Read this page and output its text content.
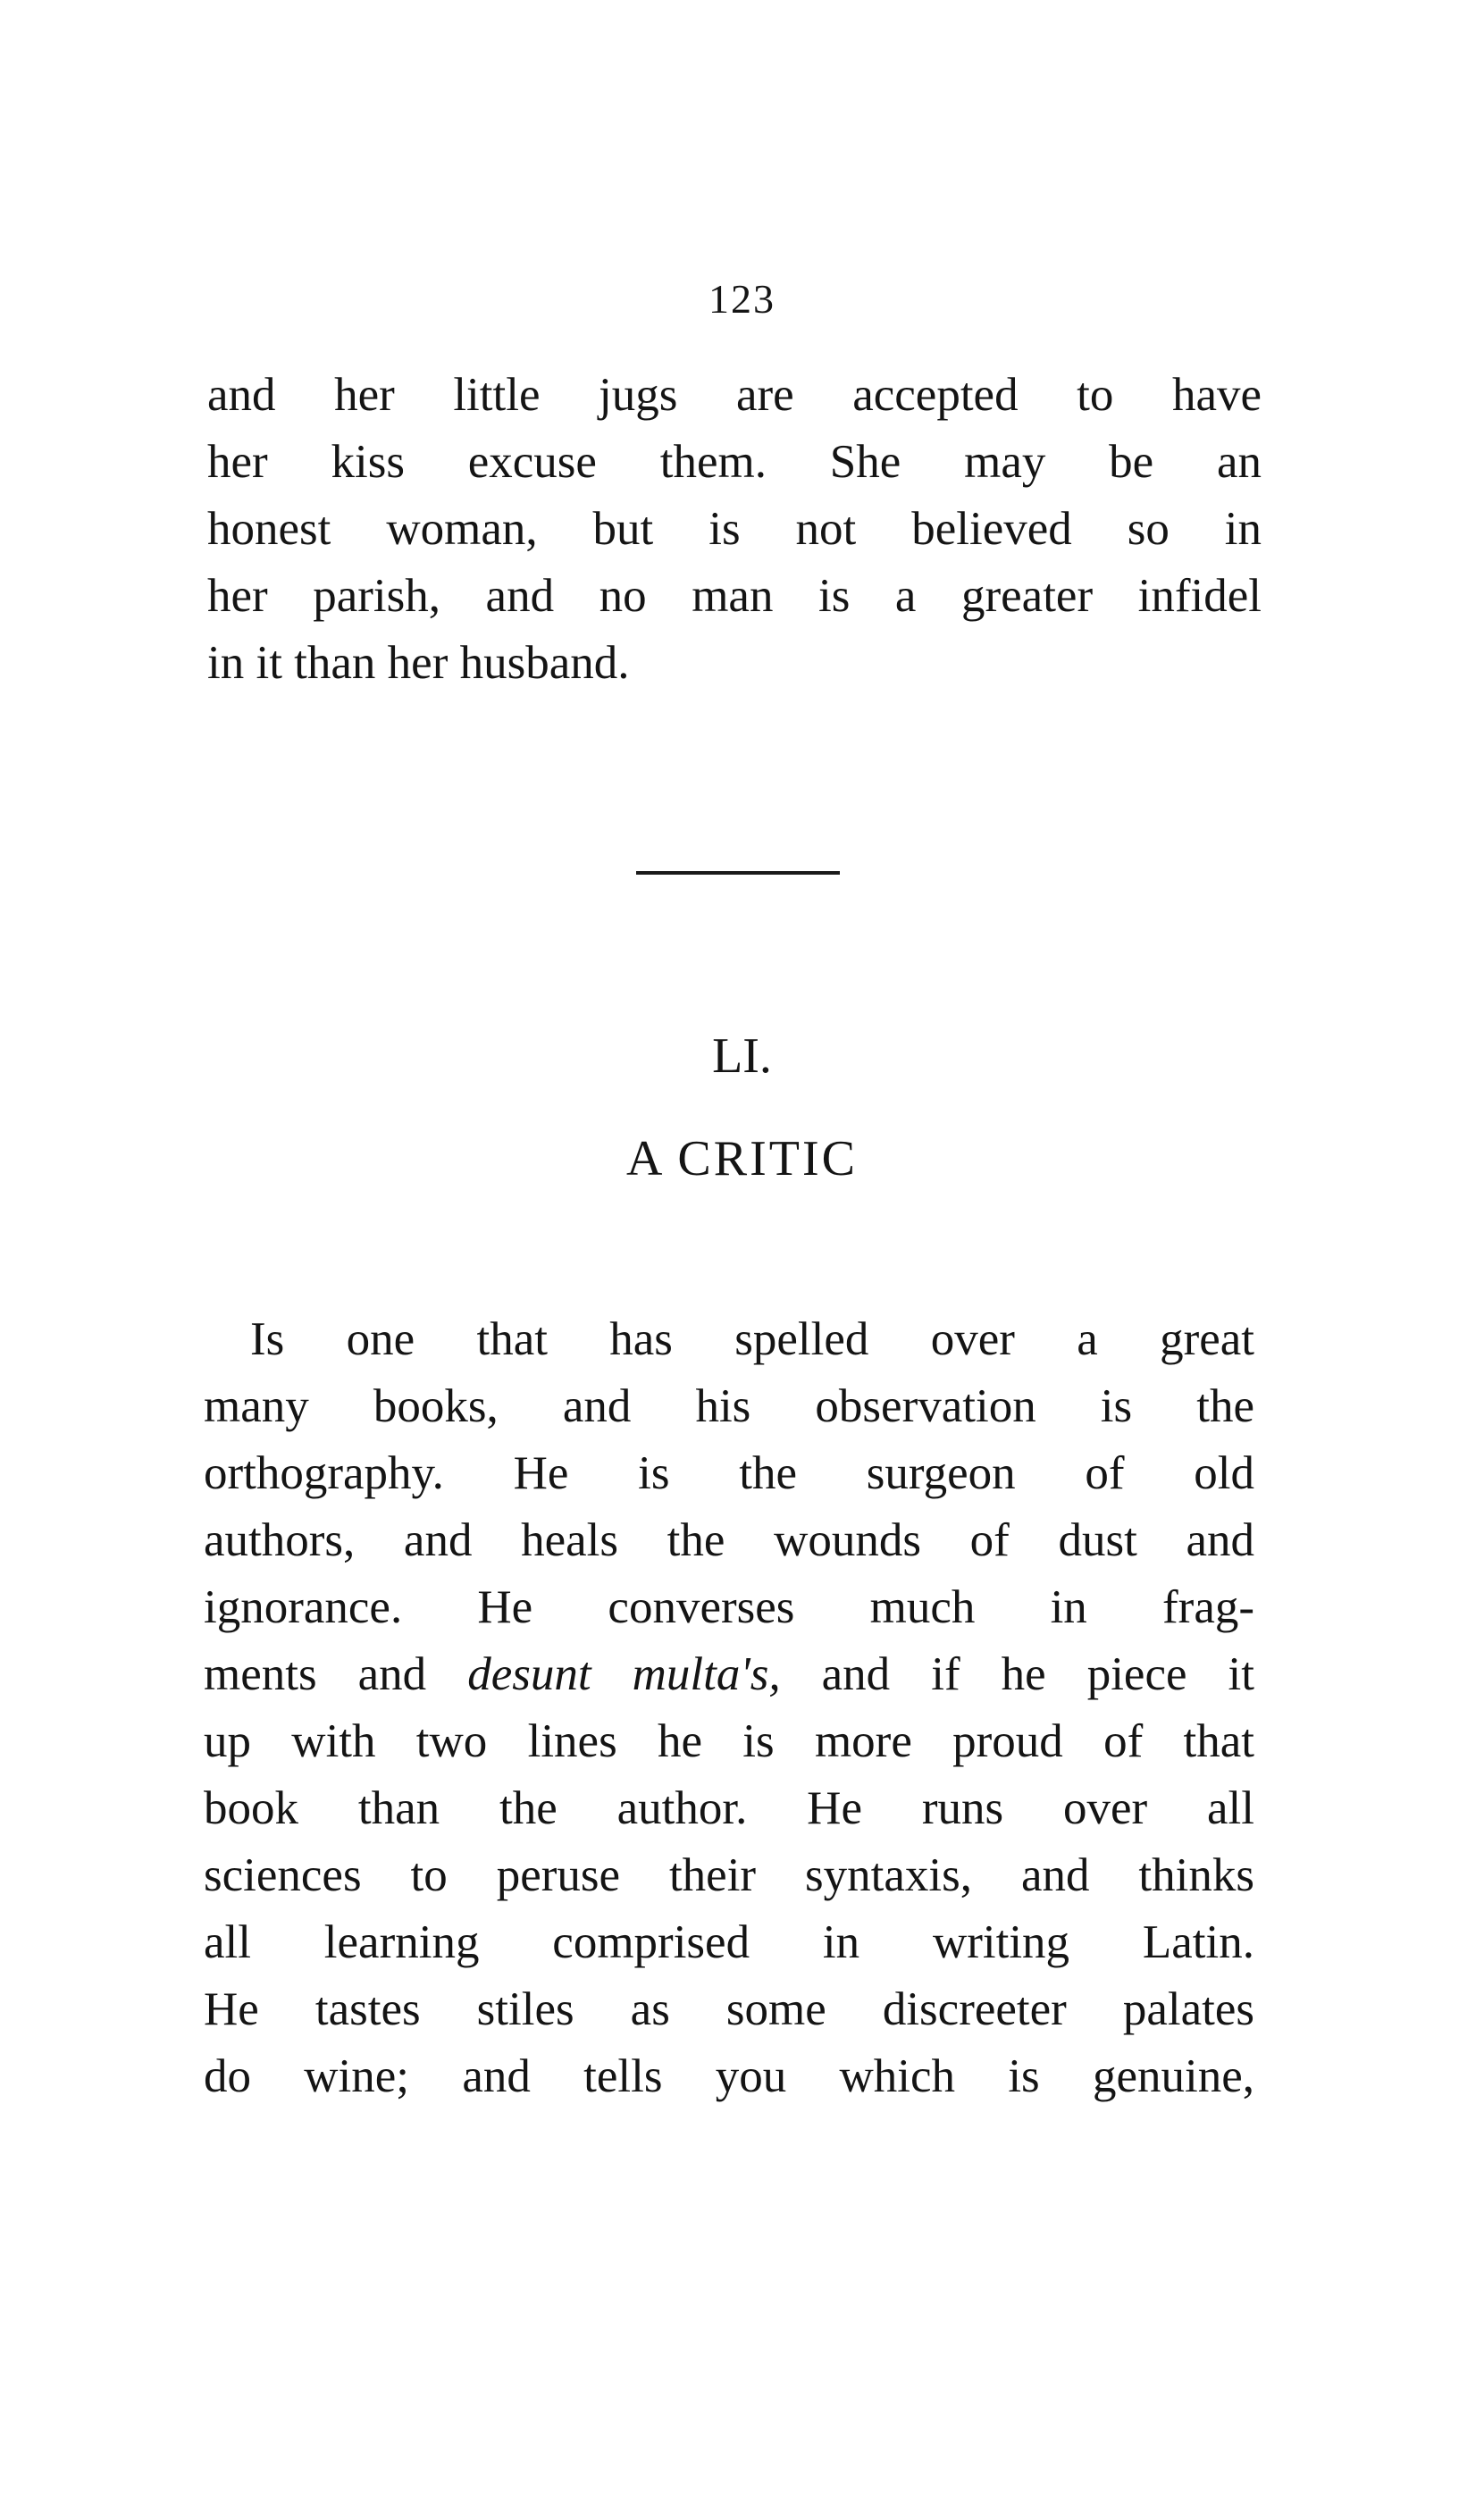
123
and her little jugs are accepted to have
her kiss excuse them. She may be an
honest woman, but is not believed so in
her parish, and no man is a greater infidel
in it than her husband.
LI.
A CRITIC
Is one that has spelled over a great
many books, and his observation is the
orthography. He is the surgeon of old
authors, and heals the wounds of dust and
ignorance. He converses much in frag-
ments and desunt multa's, and if he piece it
up with two lines he is more proud of that
book than the author. He runs over all
sciences to peruse their syntaxis, and thinks
all learning comprised in writing Latin.
He tastes stiles as some discreeter palates
do wine; and tells you which is genuine,
